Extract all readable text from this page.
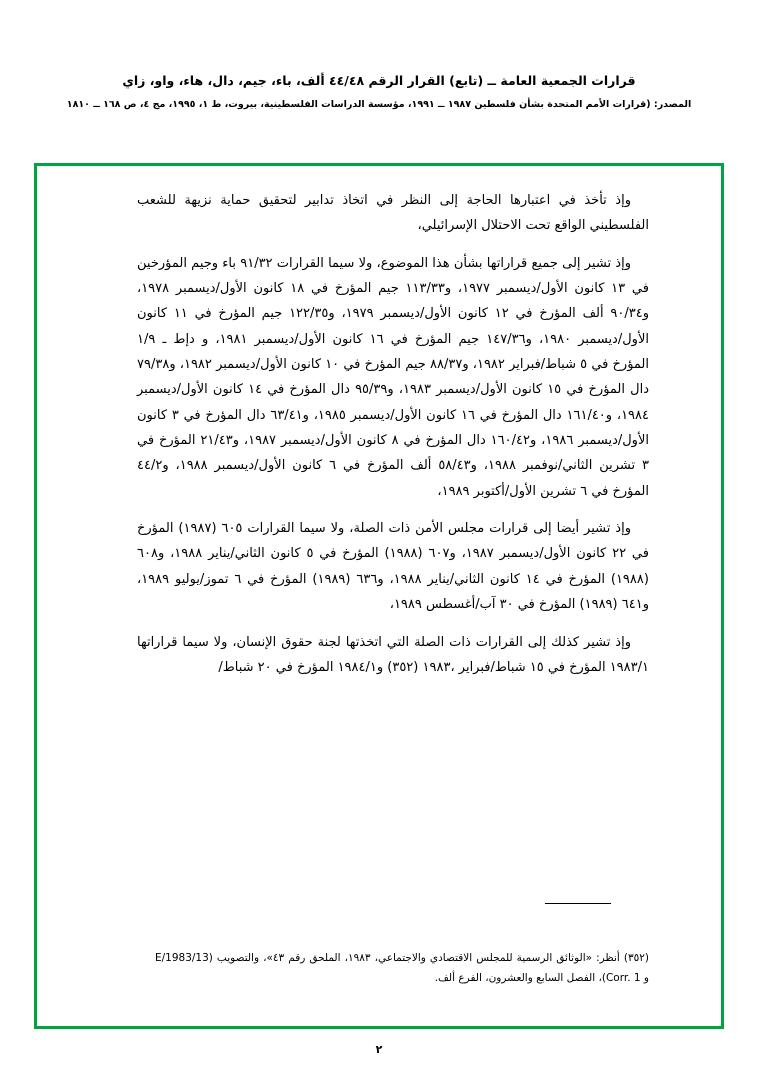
قرارات الجمعية العامة ــ (تابع) القرار الرقم ٤٤/٤٨ ألف، باء، جيم، دال، هاء، واو، زاي
المصدر: (قرارات الأمم المتحدة بشأن فلسطين ١٩٨٧ ــ ١٩٩١، مؤسسة الدراسات الفلسطينية، بيروت، ط ١، ١٩٩٥، مج ٤، ص ١٦٨ ــ ١٨١٠

وإذ تأخذ في اعتبارها الحاجة إلى النظر في اتخاذ تدابير لتحقيق حماية نزيهة للشعب الفلسطيني الواقع تحت الاحتلال الإسرائيلي،

وإذ تشير إلى جميع قراراتها بشأن هذا الموضوع، ولا سيما القرارات ٩١/٣٢ باء وجيم المؤرخين في ١٣ كانون الأول/ديسمبر ١٩٧٧، و١١٣/٣٣ جيم المؤرخ في ١٨ كانون الأول/ديسمبر ١٩٧٨، و٩٠/٣٤ ألف المؤرخ في ١٢ كانون الأول/ديسمبر ١٩٧٩، و١٢٢/٣٥ جيم المؤرخ في ١١ كانون الأول/ديسمبر ١٩٨٠، و١٤٧/٣٦ جيم المؤرخ في ١٦ كانون الأول/ديسمبر ١٩٨١، و دإط ـ ١/٩ المؤرخ في ٥ شباط/فبراير ١٩٨٢، و٨٨/٣٧ جيم المؤرخ في ١٠ كانون الأول/ديسمبر ١٩٨٢، و٧٩/٣٨ دال المؤرخ في ١٥ كانون الأول/ديسمبر ١٩٨٣، و٩٥/٣٩ دال المؤرخ في ١٤ كانون الأول/ديسمبر ١٩٨٤، و١٦١/٤٠ دال المؤرخ في ١٦ كانون الأول/ديسمبر ١٩٨٥، و٦٣/٤١ دال المؤرخ في ٣ كانون الأول/ديسمبر ١٩٨٦، و١٦٠/٤٢ دال المؤرخ في ٨ كانون الأول/ديسمبر ١٩٨٧، و٢١/٤٣ المؤرخ في ٣ تشرين الثاني/نوفمبر ١٩٨٨، و٥٨/٤٣ ألف المؤرخ في ٦ كانون الأول/ديسمبر ١٩٨٨، و٤٤/٢ المؤرخ في ٦ تشرين الأول/أكتوبر ١٩٨٩،

وإذ تشير أيضا إلى قرارات مجلس الأمن ذات الصلة، ولا سيما القرارات ٦٠٥ (١٩٨٧) المؤرخ في ٢٢ كانون الأول/ديسمبر ١٩٨٧، و٦٠٧ (١٩٨٨) المؤرخ في ٥ كانون الثاني/يناير ١٩٨٨، و٦٠٨ (١٩٨٨) المؤرخ في ١٤ كانون الثاني/يناير ١٩٨٨، و٦٣٦ (١٩٨٩) المؤرخ في ٦ تموز/يوليو ١٩٨٩، و٦٤١ (١٩٨٩) المؤرخ في ٣٠ آب/أغسطس ١٩٨٩،

وإذ تشير كذلك إلى القرارات ذات الصلة التي اتخذتها لجنة حقوق الإنسان، ولا سيما قراراتها ١٩٨٣/١ المؤرخ في ١٥ شباط/فبراير ،١٩٨٣ (٣٥٢) و١٩٨٤/١ المؤرخ في ٢٠ شباط/

(٣٥٢) أنظر: «الوثائق الرسمية للمجلس الاقتصادي والاجتماعي، ١٩٨٣، الملحق رقم ٤٣»، والتصويب (E/1983/13 و Corr. 1)، الفصل السابع والعشرون، الفرع ألف.
٢
